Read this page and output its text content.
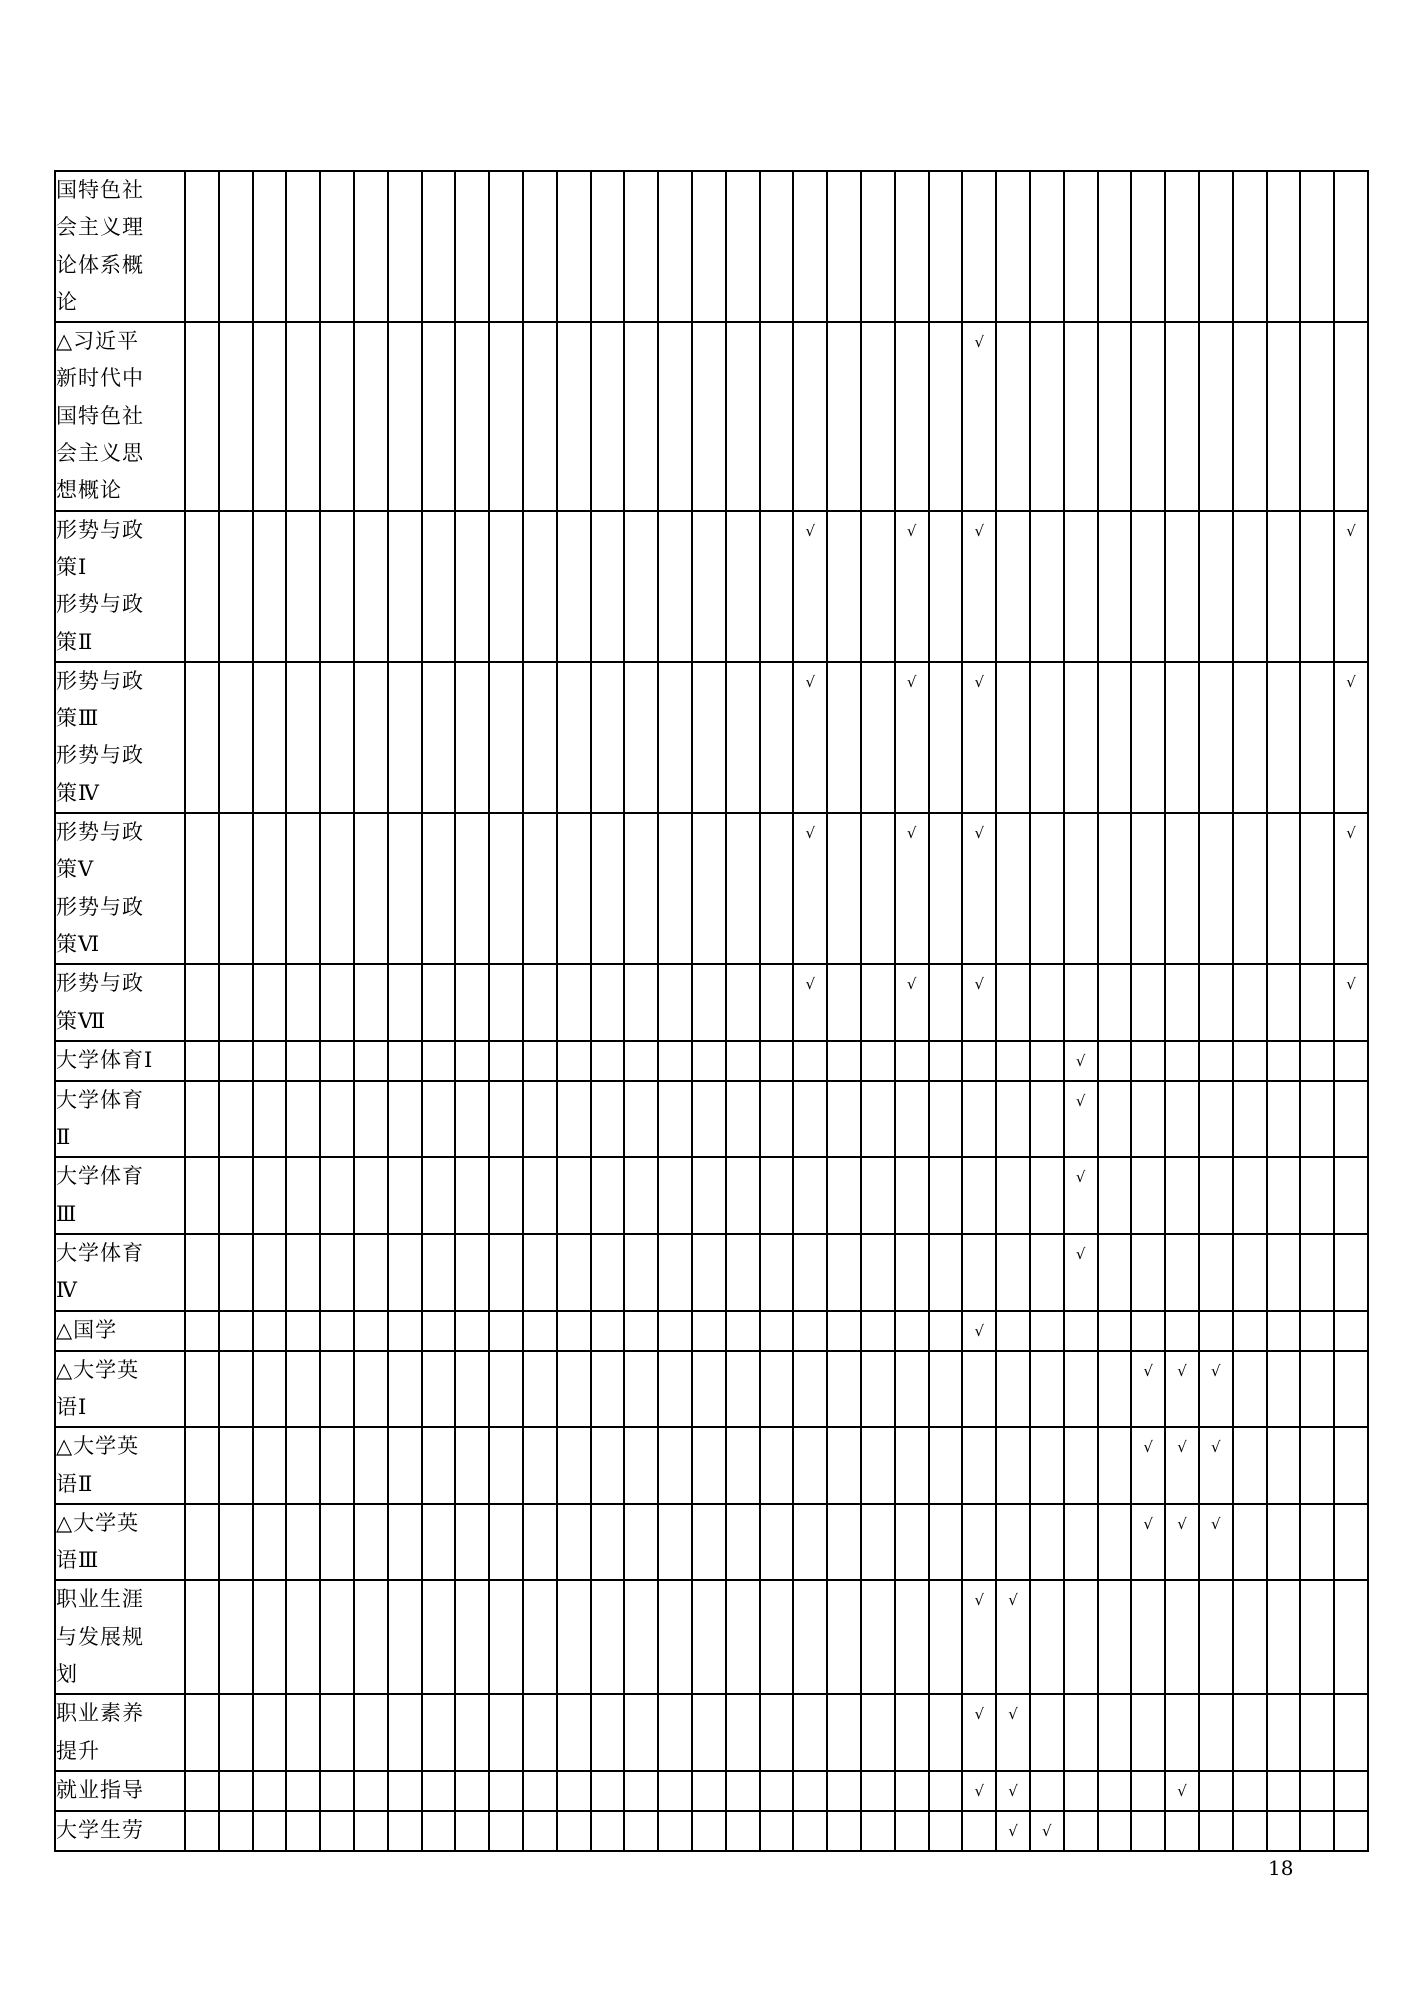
国特色社
会主义理
论体系概
论																																			

△习近平
新时代中
国特色社
会主义思
想概论																								√											

形势与政
策Ⅰ
形势与政
策Ⅱ																			√			√		√											√

形势与政
策Ⅲ
形势与政
策Ⅳ																			√			√		√											√

形势与政
策Ⅴ
形势与政
策Ⅵ																			√			√		√											√

形势与政
策Ⅶ																			√			√		√											√

大学体育Ⅰ																											√								

大学体育
Ⅱ																											√								

大学体育
Ⅲ																											√								

大学体育
Ⅳ																											√								

△国学																								√											

△大学英
语Ⅰ																													√	√	√				

△大学英
语Ⅱ																													√	√	√				

△大学英
语Ⅲ																													√	√	√				

职业生涯
与发展规
划																								√	√										

职业素养
提升																								√	√										

就业指导																								√	√					√					

大学生劳																									√	√									

18
